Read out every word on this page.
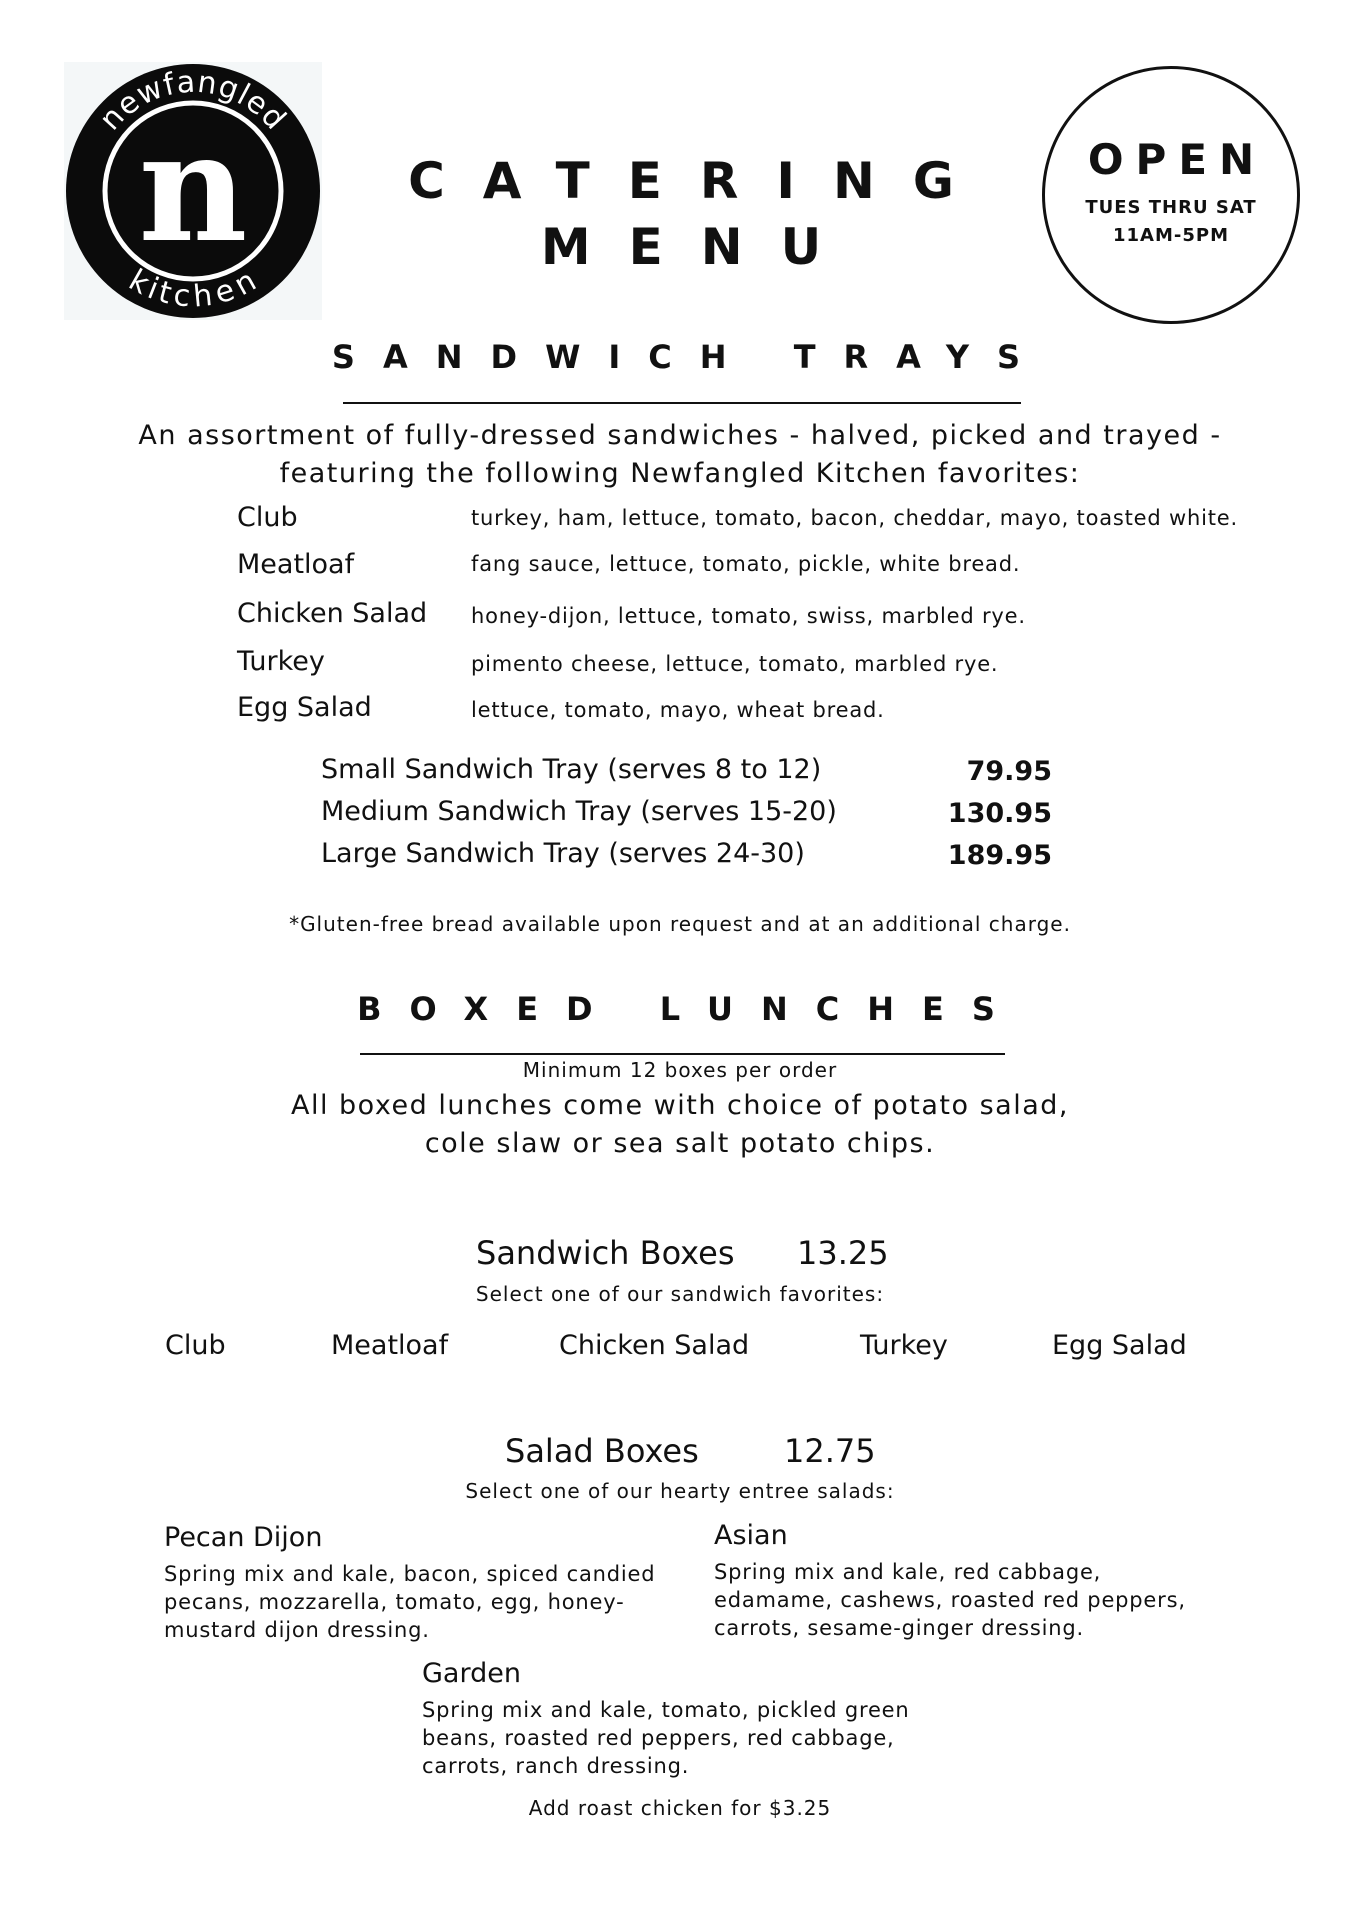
newfangled
kitchen
n	CATERING
MENU
OPEN
TUES THRU SAT
11AM-5PM
SANDWICH TRAYS
An assortment of fully-dressed sandwiches - halved, picked and trayed -
featuring the following Newfangled Kitchen favorites:
Club	turkey, ham, lettuce, tomato, bacon, cheddar, mayo, toasted white.
Meatloaf	fang sauce, lettuce, tomato, pickle, white bread.
Chicken Salad honey-dijon, lettuce, tomato, swiss, marbled rye.
Turkey	pimento cheese, lettuce, tomato, marbled rye.
Egg Salad	lettuce, tomato, mayo, wheat bread.
Small Sandwich Tray (serves 8 to 12)	79.95
Medium Sandwich Tray (serves 15-20)	130.95
Large Sandwich Tray (serves 24-30)	189.95
*Gluten-free bread available upon request and at an additional charge.
BOXED LUNCHES
Minimum 12 boxes per order
All boxed lunches come with choice of potato salad,
cole slaw or sea salt potato chips.
Sandwich Boxes 13.25
Select one of our sandwich favorites:
Club	Meatloaf	Chicken Salad	Turkey	Egg Salad
Salad Boxes	12.75
Select one of our hearty entree salads:
Pecan Dijon
Spring mix and kale, bacon, spiced candied
pecans, mozzarella, tomato, egg, honey-
mustard dijon dressing.
Asian
Spring mix and kale, red cabbage,
edamame, cashews, roasted red peppers,
carrots, sesame-ginger dressing.
Garden
Spring mix and kale, tomato, pickled green
beans, roasted red peppers, red cabbage,
carrots, ranch dressing.
Add roast chicken for $3.25
